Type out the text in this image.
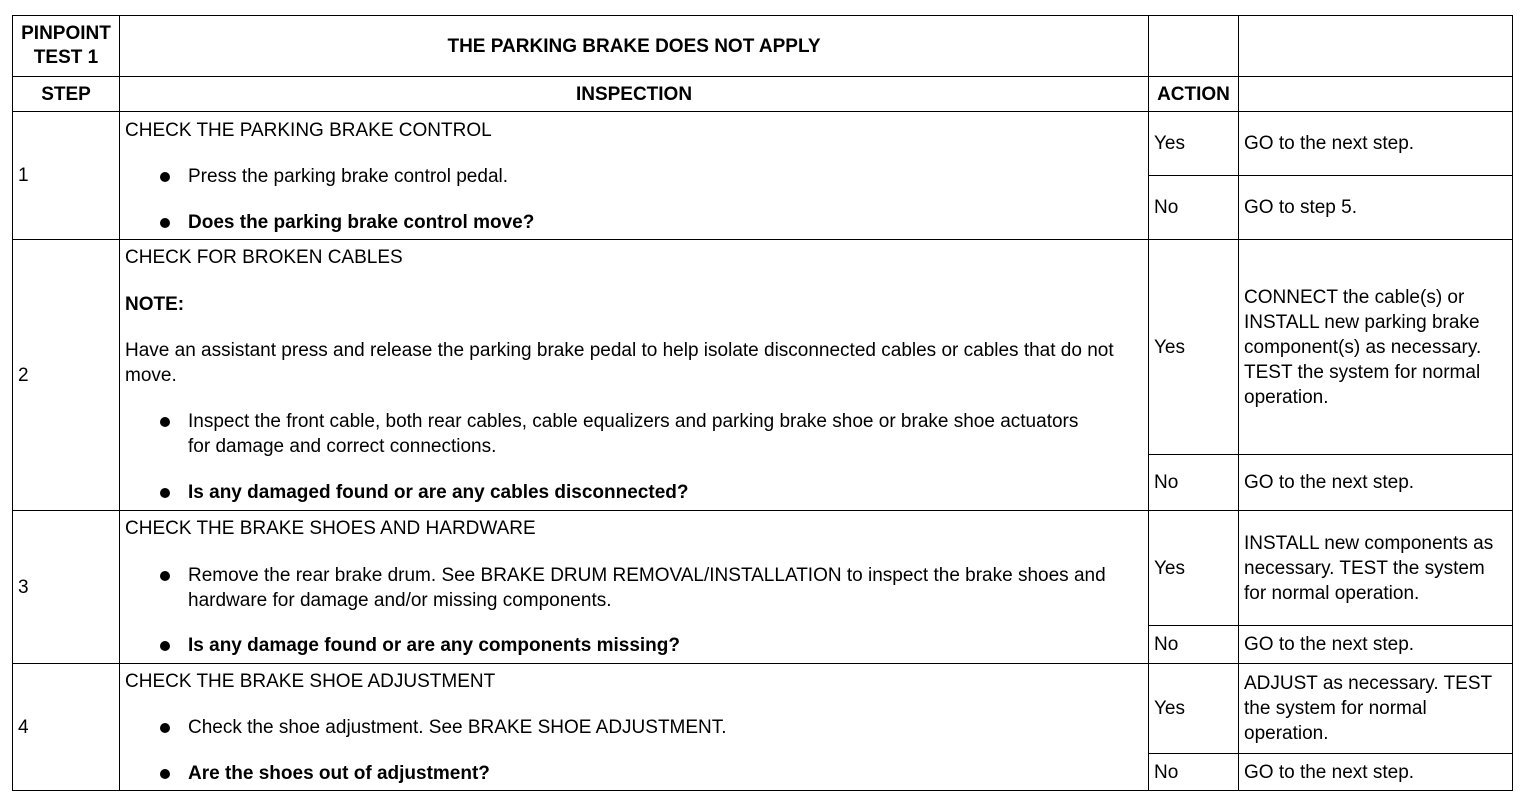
PINPOINT TEST 1	THE PARKING BRAKE DOES NOT APPLY		
STEP	INSPECTION	ACTION	
1	CHECK THE PARKING BRAKE CONTROL
Press the parking brake control pedal.
Does the parking brake control move?	Yes	GO to the next step.
		No	GO to step 5.
2	CHECK FOR BROKEN CABLES
NOTE:
Have an assistant press and release the parking brake pedal to help isolate disconnected cables or cables that do not move.
Inspect the front cable, both rear cables, cable equalizers and parking brake shoe or brake shoe actuators for damage and correct connections.
Is any damaged found or are any cables disconnected?	Yes	CONNECT the cable(s) or INSTALL new parking brake component(s) as necessary. TEST the system for normal operation.
		No	GO to the next step.
3	CHECK THE BRAKE SHOES AND HARDWARE
Remove the rear brake drum. See BRAKE DRUM REMOVAL/INSTALLATION to inspect the brake shoes and hardware for damage and/or missing components.
Is any damage found or are any components missing?	Yes	INSTALL new components as necessary. TEST the system for normal operation.
		No	GO to the next step.
4	CHECK THE BRAKE SHOE ADJUSTMENT
Check the shoe adjustment. See BRAKE SHOE ADJUSTMENT.
Are the shoes out of adjustment?	Yes	ADJUST as necessary. TEST the system for normal operation.
		No	GO to the next step.
